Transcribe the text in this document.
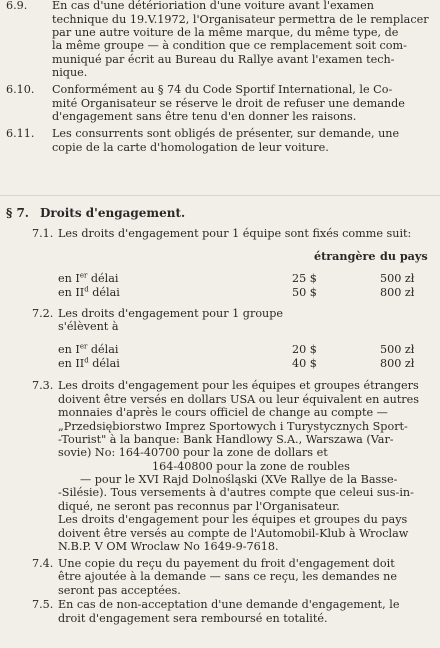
6.9. En cas d'une détérioriation d'une voiture avant l'examen
technique du 19.V.1972, l'Organisateur permettra de le remplacer
par une autre voiture de la même marque, du même type, de
la même groupe — à condition que ce remplacement soit com-
muniqué par écrit au Bureau du Rallye avant l'examen tech-
nique.
6.10. Conformément au § 74 du Code Sportif International, le Co-
mité Organisateur se réserve le droit de refuser une demande
d'engagement sans être tenu d'en donner les raisons.
6.11. Les consurrents sont obligés de présenter, sur demande, une
copie de la carte d'homologation de leur voiture.
§ 7. Droits d'engagement.
7.1. Les droits d'engagement pour 1 équipe sont fixés comme suit:
étrangère du pays
en Ier délai	25 $	500 zł
en $II^d$ délai	50 $	800 zł
7.2. Les droits d'engagement pour 1 groupe
s'élèvent à
en Ier délai	20 $	500 zł
en $II^d$ délai	40 $	800 zł
7.3. Les droits d'engagement pour les équipes et groupes étrangers
doivent être versés en dollars USA ou leur équivalent en autres
monnaies d'après le cours officiel de change au compte —
„Przedsiębiorstwo Imprez Sportowych i Turystycznych Sport-
-Tourist" à la banque: Bank Handlowy S.A., Warszawa (Var-
sovie) No: 164-40700 pour la zone de dollars et
164-40800 pour la zone de roubles
— pour le XVI Rajd Dolnośląski (XVe Rallye de la Basse-
-Silésie). Tous versements à d'autres compte que celeui sus-in-
diqué, ne seront pas reconnus par l'Organisateur.
Les droits d'engagement pour les équipes et groupes du pays
doivent être versés au compte de l'Automobil-Klub à Wroclaw
N.B.P. V OM Wroclaw No 1649-9-7618.
7.4. Une copie du reçu du payement du froit d'engagement doit
être ajoutée à la demande — sans ce reçu, les demandes ne
seront pas acceptées.
7.5. En cas de non-acceptation d'une demande d'engagement, le
droit d'engagement sera remboursé en totalité.
